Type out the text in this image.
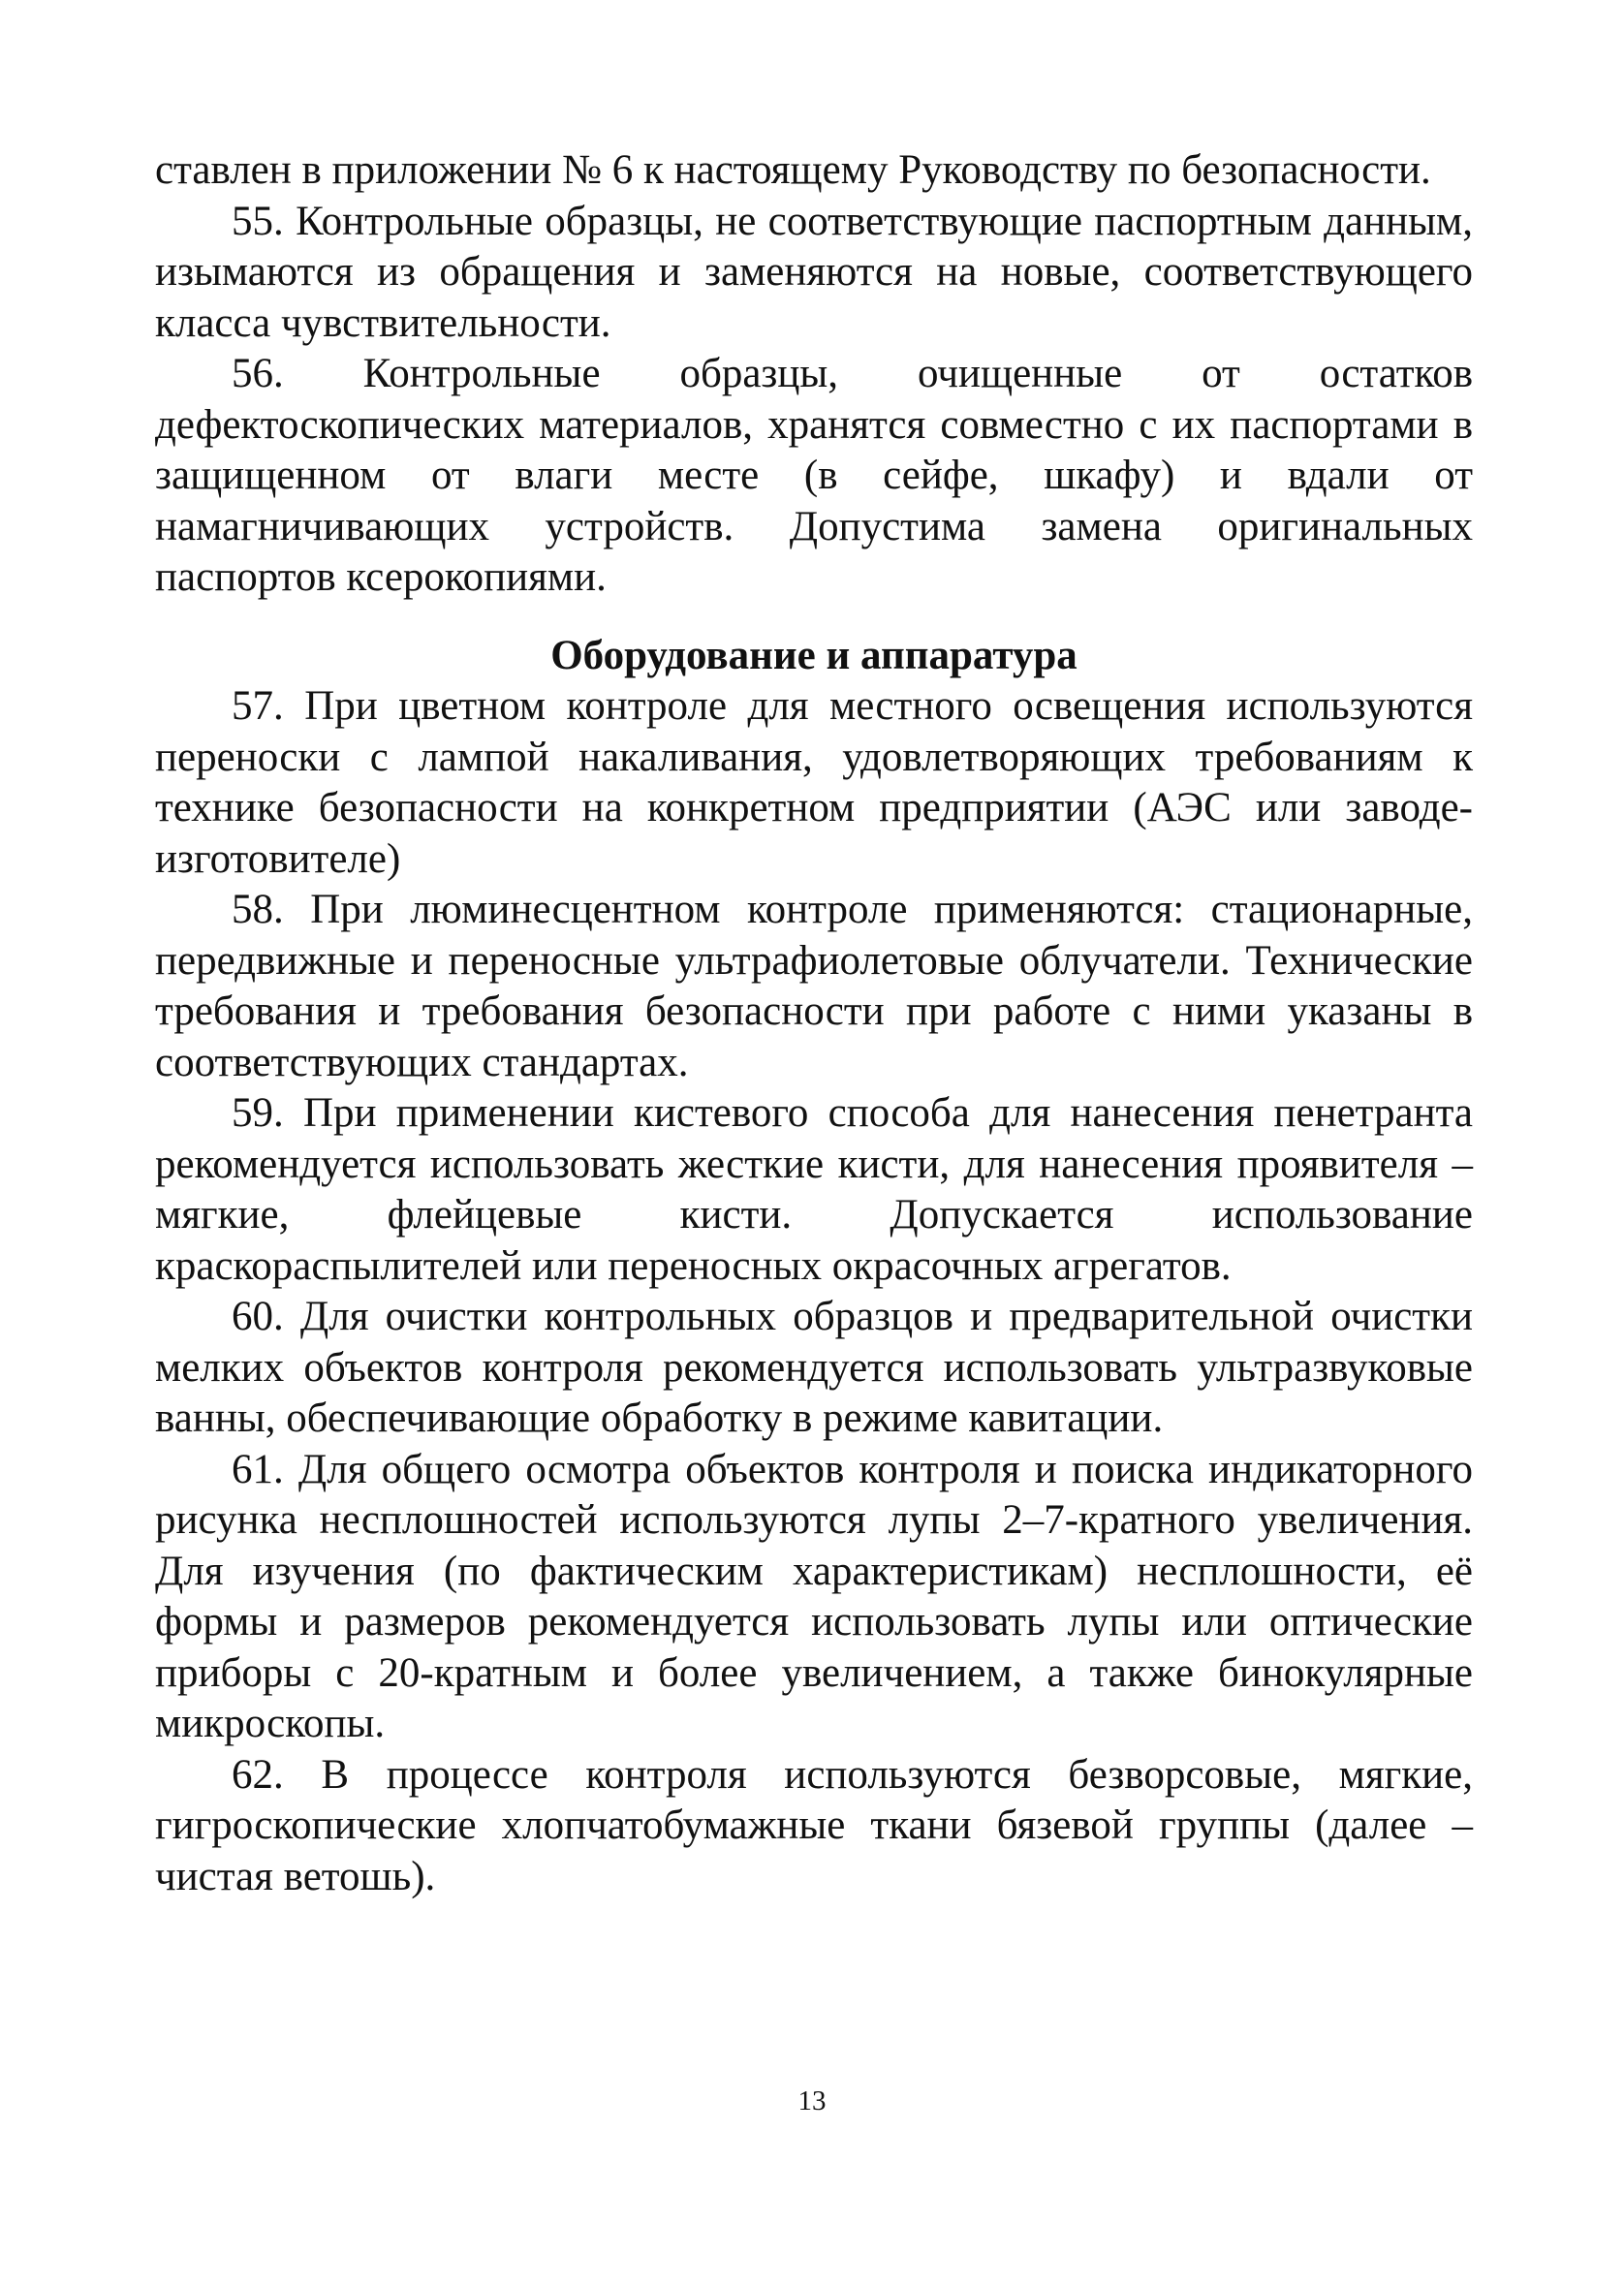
ставлен в приложении № 6 к настоящему Руководству по безопасности.

55. Контрольные образцы, не соответствующие паспортным данным, изымаются из обращения и заменяются на новые, соответствующего класса чувствительности.

56. Контрольные образцы, очищенные от остатков дефектоскопических материалов, хранятся совместно с их паспортами в защищенном от влаги месте (в сейфе, шкафу) и вдали от намагничивающих устройств. Допустима замена оригинальных паспортов ксерокопиями.

Оборудование и аппаратура

57. При цветном контроле для местного освещения используются переноски с лампой накаливания, удовлетворяющих требованиям к технике безопасности на конкретном предприятии (АЭС или заводе-изготовителе)

58. При люминесцентном контроле применяются: стационарные, передвижные и переносные ультрафиолетовые облучатели. Технические требования и требования безопасности при работе с ними указаны в соответствующих стандартах.

59. При применении кистевого способа для нанесения пенетранта рекомендуется использовать жесткие кисти, для нанесения проявителя – мягкие, флейцевые кисти. Допускается использование краскораспылителей или переносных окрасочных агрегатов.

60. Для очистки контрольных образцов и предварительной очистки мелких объектов контроля рекомендуется использовать ультразвуковые ванны, обеспечивающие обработку в режиме кавитации.

61. Для общего осмотра объектов контроля и поиска индикаторного рисунка несплошностей используются лупы 2–7-кратного увеличения. Для изучения (по фактическим характеристикам) несплошности, её формы и размеров рекомендуется использовать лупы или оптические приборы с 20-кратным и более увеличением, а также бинокулярные микроскопы.

62. В процессе контроля используются безворсовые, мягкие, гигроскопические хлопчатобумажные ткани бязевой группы (далее – чистая ветошь).

13
